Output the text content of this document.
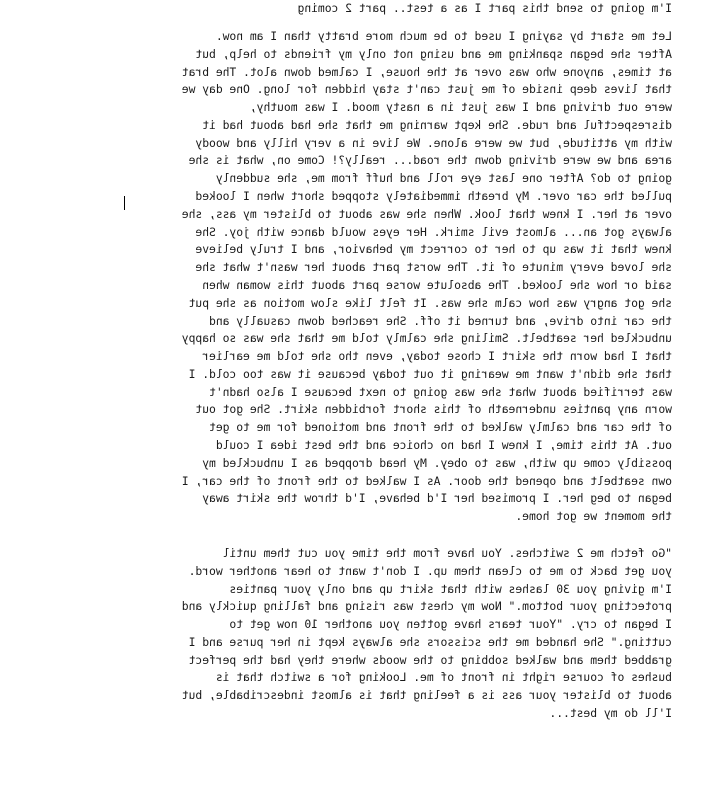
I'm going to send this part I as a test.. part 2 coming

Let me start by saying I used to be much more bratty than I am now.
After she began spanking me and using not only my friends to help, but
at times, anyone who was over at the house, I calmed down alot. The brat
that lives deep inside of me just can't stay hidden for long. One day we
were out driving and I was just in a nasty mood. I was mouthy,
disrespectful and rude. She kept warning me that she had about had it
with my attitude, but we were alone. We live in a very hilly and woody
area and we were driving down the road... really?! Come on, what is she
going to do? After one last eye roll and huff from me, she suddenly
pulled the car over. My breath immediately stopped short when I looked
over at her. I knew that look. When she was about to blister my ass, she
always got an... almost evil smirk. Her eyes would dance with joy. She
knew that it was up to her to correct my behavior, and I truly believe
she loved every minute of it. The worst part about her wasn't what she
said or how she looked. The absolute worse part about this woman when
she got angry was how calm she was. It felt like slow motion as she put
the car into drive, and turned it off. She reached down casually and
unbuckled her seatbelt. Smiling she calmly told me that she was so happy
that I had worn the skirt I chose today, even tho she told me earlier
that she didn't want me wearing it out today because it was too cold. I
was terrified about what she was going to next because I also hadn't
worn any panties underneath of this short forbidden skirt. She got out
of the car and calmly walked to the front and motioned for me to get
out. At this time, I knew I had no choice and the best idea I could
possibly come up with, was to obey. My head dropped as I unbuckled my
own seatbelt and opened the door. As I walked to the front of the car, I
began to beg her. I promised her I'd behave, I'd throw the skirt away
the moment we got home.

"Go fetch me 2 switches. You have from the time you cut them until
you get back to me to clean them up. I don't want to hear another word.
I'm giving you 30 lashes with that skirt up and only your panties
protecting your bottom." Now my chest was rising and falling quickly and
I began to cry. "Your tears have gotten you another 10 now get to
cutting." She handed me the scissors she always kept in her purse and I
grabbed them and walked sobbing to the woods where they had the perfect
bushes of course right in front of me. Looking for a switch that is
about to blister your ass is a feeling that is almost indescribable, but
I'll do my best...
